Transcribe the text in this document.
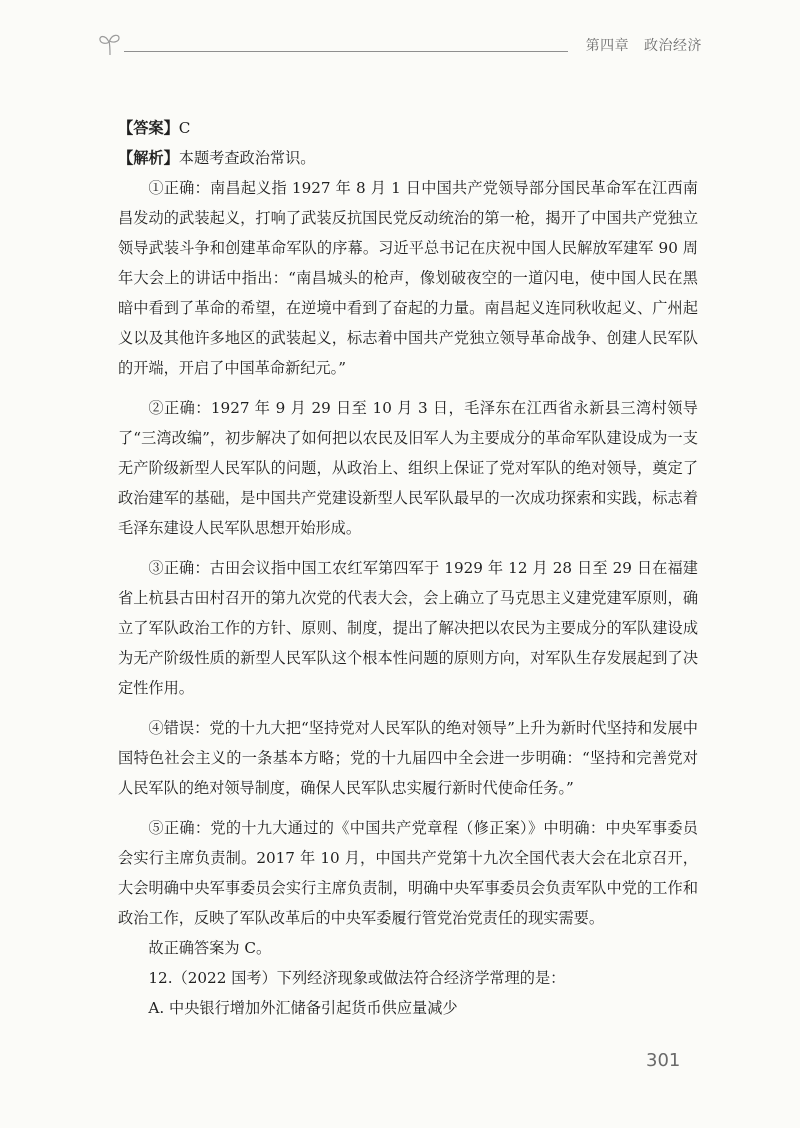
第四章 政治经济

【答案】C

【解析】本题考查政治常识。

①正确：南昌起义指 1927 年 8 月 1 日中国共产党领导部分国民革命军在江西南昌发动的武装起义，打响了武装反抗国民党反动统治的第一枪，揭开了中国共产党独立领导武装斗争和创建革命军队的序幕。习近平总书记在庆祝中国人民解放军建军 90 周年大会上的讲话中指出：“南昌城头的枪声，像划破夜空的一道闪电，使中国人民在黑暗中看到了革命的希望，在逆境中看到了奋起的力量。南昌起义连同秋收起义、广州起义以及其他许多地区的武装起义，标志着中国共产党独立领导革命战争、创建人民军队的开端，开启了中国革命新纪元。”

②正确：1927 年 9 月 29 日至 10 月 3 日，毛泽东在江西省永新县三湾村领导了“三湾改编”，初步解决了如何把以农民及旧军人为主要成分的革命军队建设成为一支无产阶级新型人民军队的问题，从政治上、组织上保证了党对军队的绝对领导，奠定了政治建军的基础，是中国共产党建设新型人民军队最早的一次成功探索和实践，标志着毛泽东建设人民军队思想开始形成。

③正确：古田会议指中国工农红军第四军于 1929 年 12 月 28 日至 29 日在福建省上杭县古田村召开的第九次党的代表大会，会上确立了马克思主义建党建军原则，确立了军队政治工作的方针、原则、制度，提出了解决把以农民为主要成分的军队建设成为无产阶级性质的新型人民军队这个根本性问题的原则方向，对军队生存发展起到了决定性作用。

④错误：党的十九大把“坚持党对人民军队的绝对领导”上升为新时代坚持和发展中国特色社会主义的一条基本方略；党的十九届四中全会进一步明确：“坚持和完善党对人民军队的绝对领导制度，确保人民军队忠实履行新时代使命任务。”

⑤正确：党的十九大通过的《中国共产党章程（修正案）》中明确：中央军事委员会实行主席负责制。2017 年 10 月，中国共产党第十九次全国代表大会在北京召开，大会明确中央军事委员会实行主席负责制，明确中央军事委员会负责军队中党的工作和政治工作，反映了军队改革后的中央军委履行管党治党责任的现实需要。

故正确答案为 C。

12.（2022 国考）下列经济现象或做法符合经济学常理的是：

A. 中央银行增加外汇储备引起货币供应量减少

301
